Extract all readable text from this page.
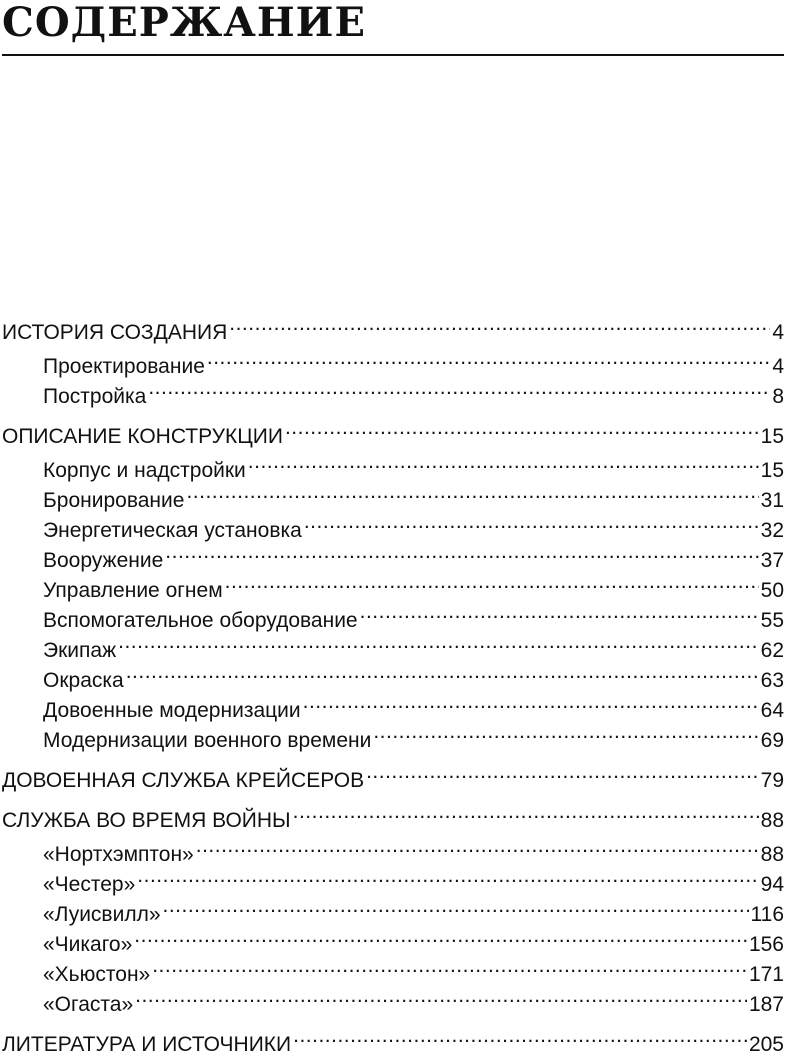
СОДЕРЖАНИЕ
ИСТОРИЯ СОЗДАНИЯ .....	4
Проектирование .....	4
Постройка .....	8
ОПИСАНИЕ КОНСТРУКЦИИ .....	15
Корпус и надстройки .....	15
Бронирование .....	31
Энергетическая установка .....	32
Вооружение .....	37
Управление огнем .....	50
Вспомогательное оборудование .....	55
Экипаж .....	62
Окраска .....	63
Довоенные модернизации .....	64
Модернизации военного времени .....	69
ДОВОЕННАЯ СЛУЖБА КРЕЙСЕРОВ .....	79
СЛУЖБА ВО ВРЕМЯ ВОЙНЫ .....	88
«Нортхэмптон» .....	88
«Честер» .....	94
«Луисвилл» .....	116
«Чикаго» .....	156
«Хьюстон» .....	171
«Огаста» .....	187
ЛИТЕРАТУРА И ИСТОЧНИКИ .....	205
